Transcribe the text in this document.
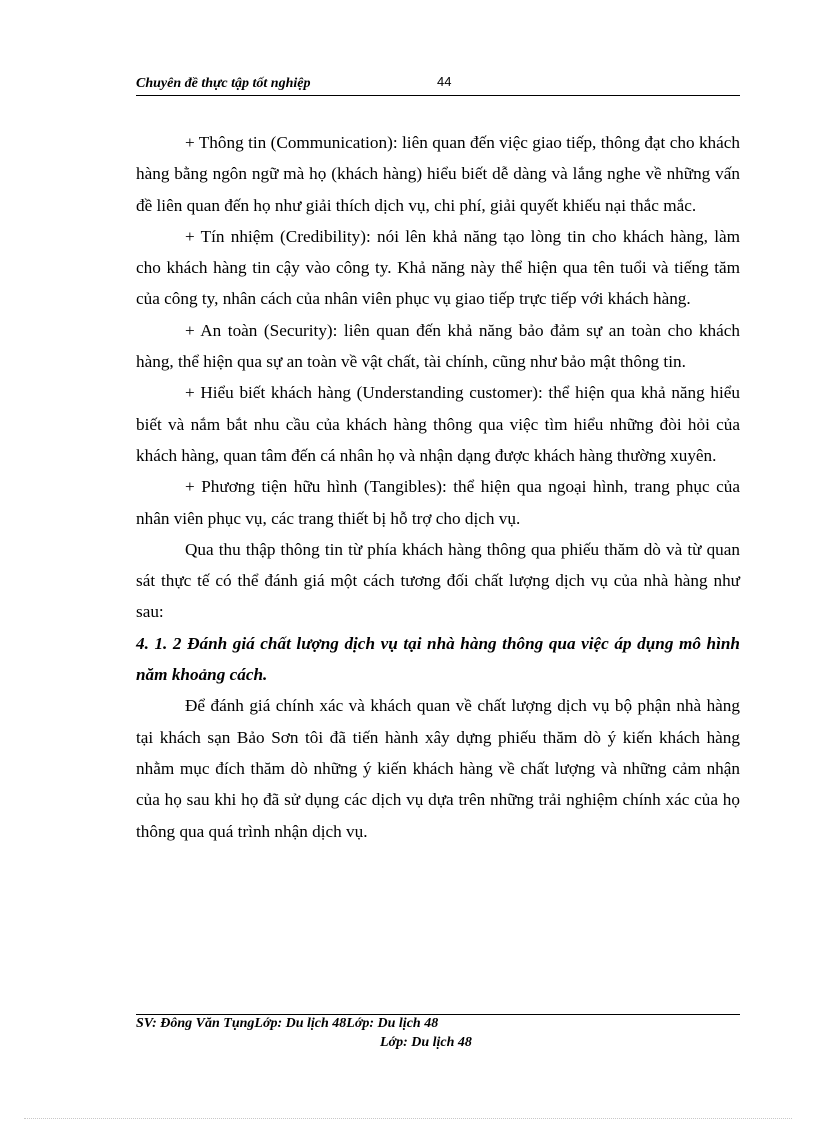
Chuyên đề thực tập tốt nghiệp	44

+ Thông tin (Communication): liên quan đến việc giao tiếp, thông đạt cho khách hàng bằng ngôn ngữ mà họ (khách hàng) hiểu biết dễ dàng và lắng nghe về những vấn đề liên quan đến họ như giải thích dịch vụ, chi phí, giải quyết khiếu nại thắc mắc.

+ Tín nhiệm (Credibility): nói lên khả năng tạo lòng tin cho khách hàng, làm cho khách hàng tin cậy vào công ty. Khả năng này thể hiện qua tên tuổi và tiếng tăm của công ty, nhân cách của nhân viên phục vụ giao tiếp trực tiếp với khách hàng.

+ An toàn (Security): liên quan đến khả năng bảo đảm sự an toàn cho khách hàng, thể hiện qua sự an toàn về vật chất, tài chính, cũng như bảo mật thông tin.

+ Hiểu biết khách hàng (Understanding customer): thể hiện qua khả năng hiểu biết và nắm bắt nhu cầu của khách hàng thông qua việc tìm hiểu những đòi hỏi của khách hàng, quan tâm đến cá nhân họ và nhận dạng được khách hàng thường xuyên.

+ Phương tiện hữu hình (Tangibles): thể hiện qua ngoại hình, trang phục của nhân viên phục vụ, các trang thiết bị hỗ trợ cho dịch vụ.

Qua thu thập thông tin từ phía khách hàng thông qua phiếu thăm dò và từ quan sát thực tế có thể đánh giá một cách tương đối chất lượng dịch vụ của nhà hàng như sau:

4. 1. 2 Đánh giá chất lượng dịch vụ tại nhà hàng thông qua việc áp dụng mô hình năm khoảng cách.

Để đánh giá chính xác và khách quan về chất lượng dịch vụ bộ phận nhà hàng tại khách sạn Bảo Sơn tôi đã tiến hành xây dựng phiếu thăm dò ý kiến khách hàng nhằm mục đích thăm dò những ý kiến khách hàng về chất lượng và những cảm nhận của họ sau khi họ đã sử dụng các dịch vụ dựa trên những trải nghiệm chính xác của họ thông qua quá trình nhận dịch vụ.

SV: Đông Văn TụngLớp: Du lịch 48Lớp: Du lịch 48
Lớp: Du lịch 48
